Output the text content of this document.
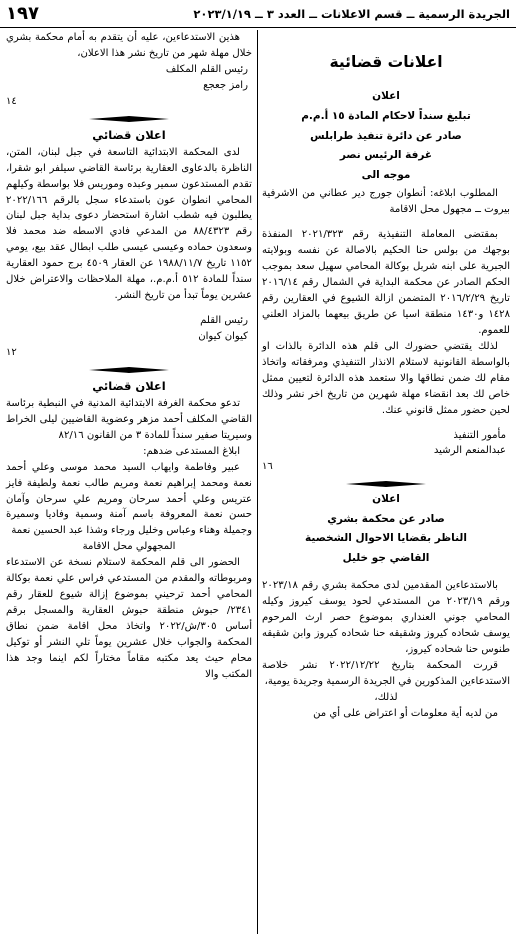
الجريدة الرسمية ــ قسم الاعلانات ــ العدد ٣ ــ ٢٠٢٣/١/١٩
١٩٧
اعلانات قضائية
اعلان
تبليغ سنداً لاحكام المادة ١٥ أ.م.م
صادر عن دائرة تنفيذ طرابلس
غرفة الرئيس نصر
موجه الى

المطلوب ابلاغه: أنطوان جورج دير عطاني من الاشرفية بيروت ــ مجهول محل الاقامة

بمقتضى المعاملة التنفيذية رقم ٢٠٢١/٣٢٣ المنفذة بوجهك من بولس حنا الحكيم بالاصالة عن نفسه وبولايته الجبرية على ابنه شربل بوكالة المحامي سهيل سعد بموجب الحكم الصادر عن محكمة البداية في الشمال رقم ٢٠١٦/١٤ تاريخ ٢٠١٦/٢/٢٩ المتضمن ازالة الشيوع في العقارين رقم ١٤٢٨ و١٤٣٠ منطقة اسيا عن طريق بيعهما بالمزاد العلني للعموم.

لذلك يقتضي حضورك الى قلم هذه الدائرة بالذات او بالواسطة القانونية لاستلام الانذار التنفيذي ومرفقاته واتخاذ مقام لك ضمن نطاقها والا ستعمد هذه الدائرة لتعيين ممثل خاص لك بعد انقضاء مهلة شهرين من تاريخ اخر نشر وذلك لحين حضور ممثل قانوني عنك.

مأمور التنفيذ

عبدالمنعم الرشيد

١٦

اعلان
صادر عن محكمة بشري
الناظر بقضايا الاحوال الشخصية
القاضي جو خليل

بالاستدعاءين المقدمين لدى محكمة بشري رقم ٢٠٢٣/١٨ ورقم ٢٠٢٣/١٩ من المستدعي لحود يوسف كيروز وكيله المحامي جوني العنداري بموضوع حصر ارث المرحوم يوسف شحاده كيروز وشقيقه حنا شحاده كيروز وابن شقيقه طنوس حنا شحاده كيروز،

قررت المحكمة بتاريخ ٢٠٢٢/١٢/٢٢ نشر خلاصة الاستدعاءين المذكورين في الجريدة الرسمية وجريدة يومية،

لذلك،

من لديه أية معلومات أو اعتراض على أي من

هذين الاستدعاءين، عليه أن يتقدم به أمام محكمة بشري خلال مهلة شهر من تاريخ نشر هذا الاعلان،

رئيس القلم المكلف

رامز جعجع

١٤

اعلان قضائي

لدى المحكمة الابتدائية التاسعة في جبل لبنان، المتن، الناظرة بالدعاوى العقارية برئاسة القاضي سيلفر ابو شقرا، تقدم المستدعون سمير وعبده وموريس فلا بواسطة وكيلهم المحامي انطوان عون باستدعاء سجل بالرقم ٢٠٢٢/١٦٦ يطلبون فيه شطب اشارة استحضار دعوى بداية جبل لبنان رقم ٨٨/٤٣٢٣ من المدعي فادي الاسطه ضد محمد فلا وسعدون حماده وعيسى عيسى طلب ابطال عقد بيع، يومي ١١٥٢ تاريخ ١٩٨٨/١١/٧ عن العقار ٤٥٠٩ برج حمود العقارية سنداً للمادة ٥١٢ أ.م.م.، مهلة الملاحظات والاعتراض خلال عشرين يوماً تبدأ من تاريخ النشر.

رئيس القلم

كيوان كيوان

١٢

اعلان قضائي

تدعو محكمة الغرفة الابتدائية المدنية في النبطية برئاسة القاضي المكلف أحمد مزهر وعضوية القاضيين ليلى الخراط وسيريتا صفير سنداً للمادة ٣ من القانون ٨٢/١٦

ابلاغ المستدعى ضدهم:

عبير وفاطمة وايهاب السيد محمد موسى وعلي أحمد نعمة ومحمد إبراهيم نعمة ومريم طالب نعمة ولطيفة فايز عتريس وعلي أحمد سرحان ومريم علي سرحان وآمان حسن نعمة المعروفة باسم آمنة وسمية وفاديا وسميرة وجميلة وهناء وعباس وخليل ورجاء وشذا عبد الحسين نعمة

المجهولي محل الاقامة

الحضور الى قلم المحكمة لاستلام نسخة عن الاستدعاء ومربوطاته والمقدم من المستدعي فراس علي نعمة بوكالة المحامي أحمد ترحيني بموضوع إزالة شيوع للعقار رقم ٢٣٤١/ حبوش منطقة حبوش العقارية والمسجل برقم أساس ٣٠٥/ش/٢٠٢٢ واتخاذ محل اقامة ضمن نطاق المحكمة والجواب خلال عشرين يوماً تلي النشر أو توكيل محام حيث يعد مكتبه مقاماً مختاراً لكم اينما وجد هذا المكتب والا
